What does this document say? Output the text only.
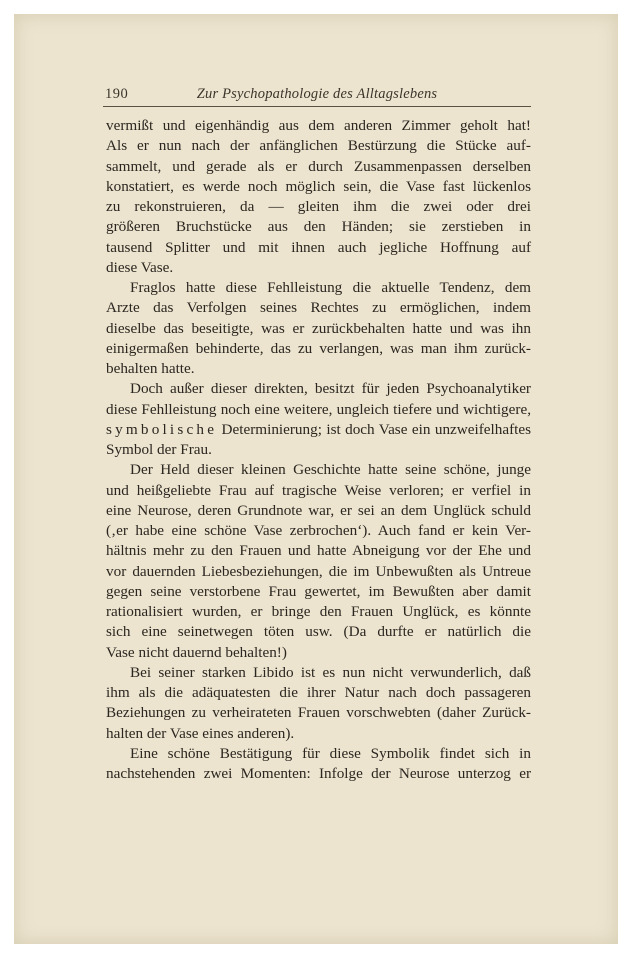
190	Zur Psychopathologie des Alltagslebens
vermißt und eigenhändig aus dem anderen Zimmer geholt hat!
Als er nun nach der anfänglichen Bestürzung die Stücke auf-
sammelt, und gerade als er durch Zusammenpassen derselben
konstatiert, es werde noch möglich sein, die Vase fast lückenlos
zu rekonstruieren, da — gleiten ihm die zwei oder drei
größeren Bruchstücke aus den Händen; sie zerstieben in
tausend Splitter und mit ihnen auch jegliche Hoffnung auf
diese Vase.
Fraglos hatte diese Fehlleistung die aktuelle Tendenz, dem
Arzte das Verfolgen seines Rechtes zu ermöglichen, indem
dieselbe das beseitigte, was er zurückbehalten hatte und was ihn
einigermaßen behinderte, das zu verlangen, was man ihm zurück-
behalten hatte.
Doch außer dieser direkten, besitzt für jeden Psychoanalytiker
diese Fehlleistung noch eine weitere, ungleich tiefere und wichtigere,
symbolische Determinierung; ist doch Vase ein unzweifelhaftes
Symbol der Frau.
Der Held dieser kleinen Geschichte hatte seine schöne, junge
und heißgeliebte Frau auf tragische Weise verloren; er verfiel in
eine Neurose, deren Grundnote war, er sei an dem Unglück schuld
(‚er habe eine schöne Vase zerbrochen‘). Auch fand er kein Ver-
hältnis mehr zu den Frauen und hatte Abneigung vor der Ehe und
vor dauernden Liebesbeziehungen, die im Unbewußten als Untreue
gegen seine verstorbene Frau gewertet, im Bewußten aber damit
rationalisiert wurden, er bringe den Frauen Unglück, es könnte
sich eine seinetwegen töten usw. (Da durfte er natürlich die
Vase nicht dauernd behalten!)
Bei seiner starken Libido ist es nun nicht verwunderlich, daß
ihm als die adäquatesten die ihrer Natur nach doch passageren
Beziehungen zu verheirateten Frauen vorschwebten (daher Zurück-
halten der Vase eines anderen).
Eine schöne Bestätigung für diese Symbolik findet sich in
nachstehenden zwei Momenten: Infolge der Neurose unterzog er
